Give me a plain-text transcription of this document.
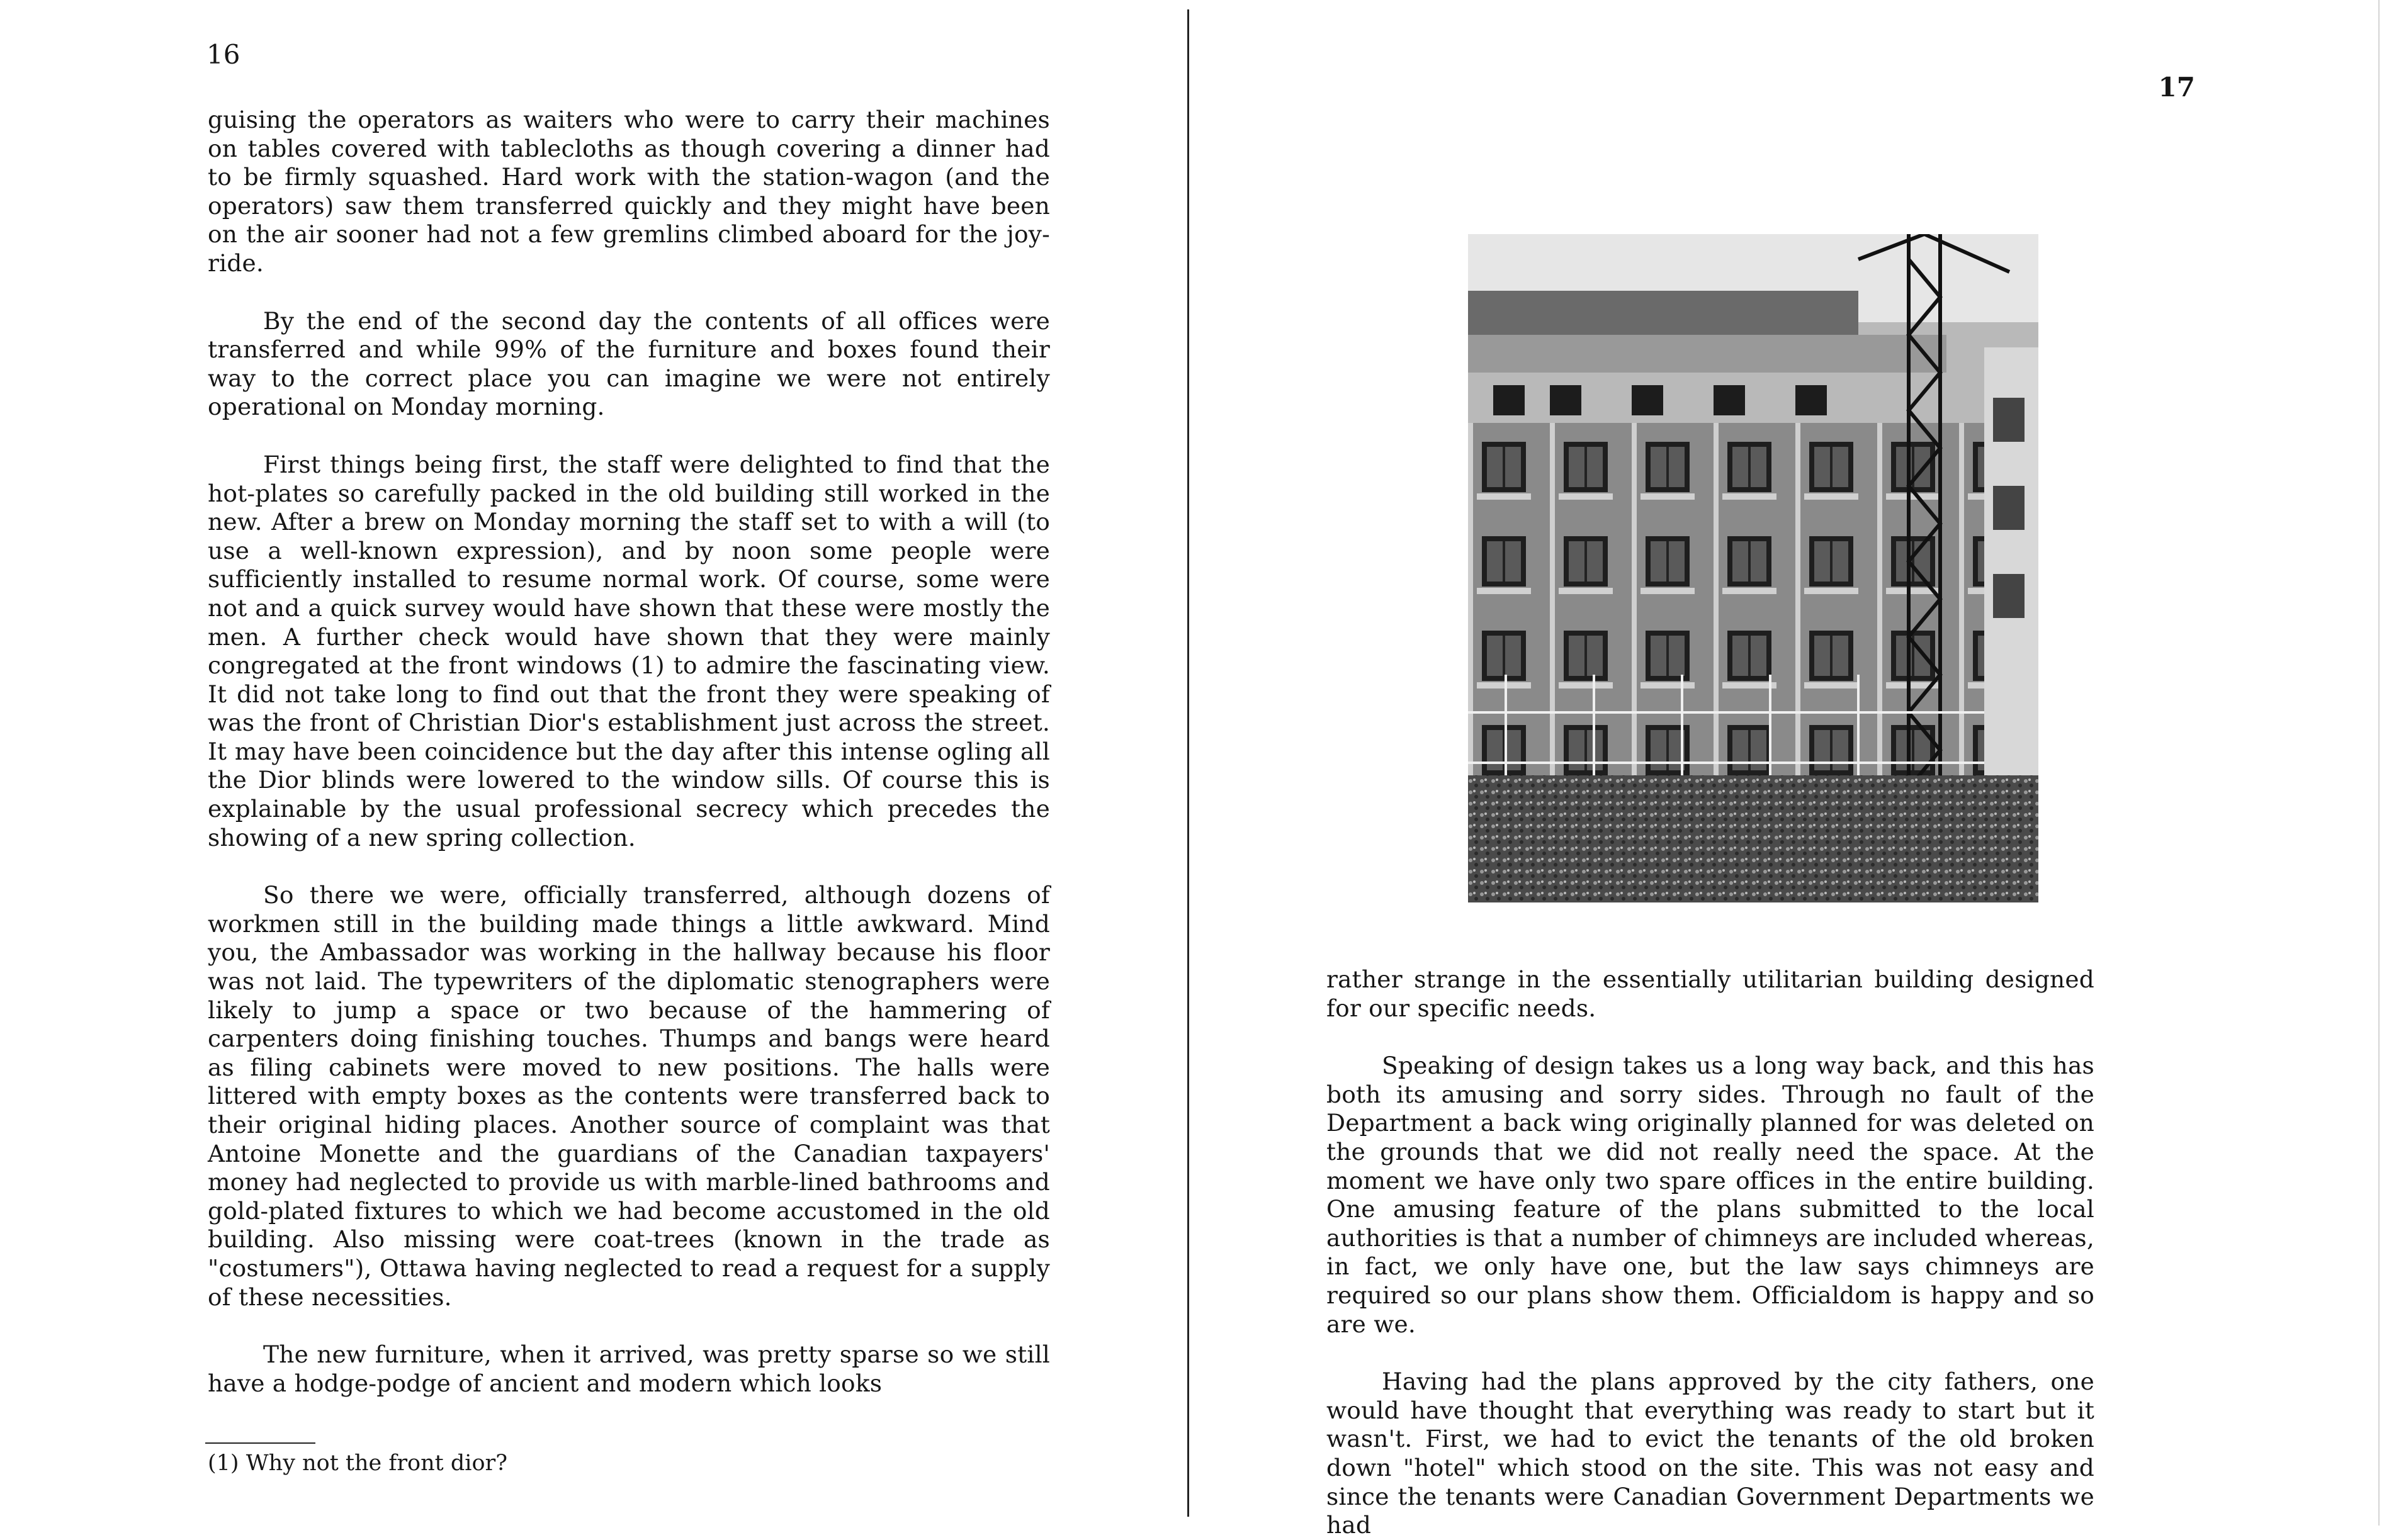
16

guising the operators as waiters who were to carry their machines on tables covered with tablecloths as though covering a dinner had to be firmly squashed. Hard work with the station-wagon (and the operators) saw them transferred quickly and they might have been on the air sooner had not a few gremlins climbed aboard for the joy-ride.

By the end of the second day the contents of all offices were transferred and while 99% of the furniture and boxes found their way to the correct place you can imagine we were not entirely operational on Monday morning.

First things being first, the staff were delighted to find that the hot-plates so carefully packed in the old building still worked in the new. After a brew on Monday morning the staff set to with a will (to use a well-known expression), and by noon some people were sufficiently installed to resume normal work. Of course, some were not and a quick survey would have shown that these were mostly the men. A further check would have shown that they were mainly congregated at the front windows (1) to admire the fascinating view. It did not take long to find out that the front they were speaking of was the front of Christian Dior's establishment just across the street. It may have been coincidence but the day after this intense ogling all the Dior blinds were lowered to the window sills. Of course this is explainable by the usual professional secrecy which precedes the showing of a new spring collection.

So there we were, officially transferred, although dozens of workmen still in the building made things a little awkward. Mind you, the Ambassador was working in the hallway because his floor was not laid. The typewriters of the diplomatic stenographers were likely to jump a space or two because of the hammering of carpenters doing finishing touches. Thumps and bangs were heard as filing cabinets were moved to new positions. The halls were littered with empty boxes as the contents were transferred back to their original hiding places. Another source of complaint was that Antoine Monette and the guardians of the Canadian taxpayers' money had neglected to provide us with marble-lined bathrooms and gold-plated fixtures to which we had become accustomed in the old building. Also missing were coat-trees (known in the trade as "costumers"), Ottawa having neglected to read a request for a supply of these necessities.

The new furniture, when it arrived, was pretty sparse so we still have a hodge-podge of ancient and modern which looks

(1) Why not the front dior?
17

rather strange in the essentially utilitarian building designed for our specific needs.

Speaking of design takes us a long way back, and this has both its amusing and sorry sides. Through no fault of the Department a back wing originally planned for was deleted on the grounds that we did not really need the space. At the moment we have only two spare offices in the entire building. One amusing feature of the plans submitted to the local authorities is that a number of chimneys are included whereas, in fact, we only have one, but the law says chimneys are required so our plans show them. Officialdom is happy and so are we.

Having had the plans approved by the city fathers, one would have thought that everything was ready to start but it wasn't. First, we had to evict the tenants of the old broken down "hotel" which stood on the site. This was not easy and since the tenants were Canadian Government Departments we had
